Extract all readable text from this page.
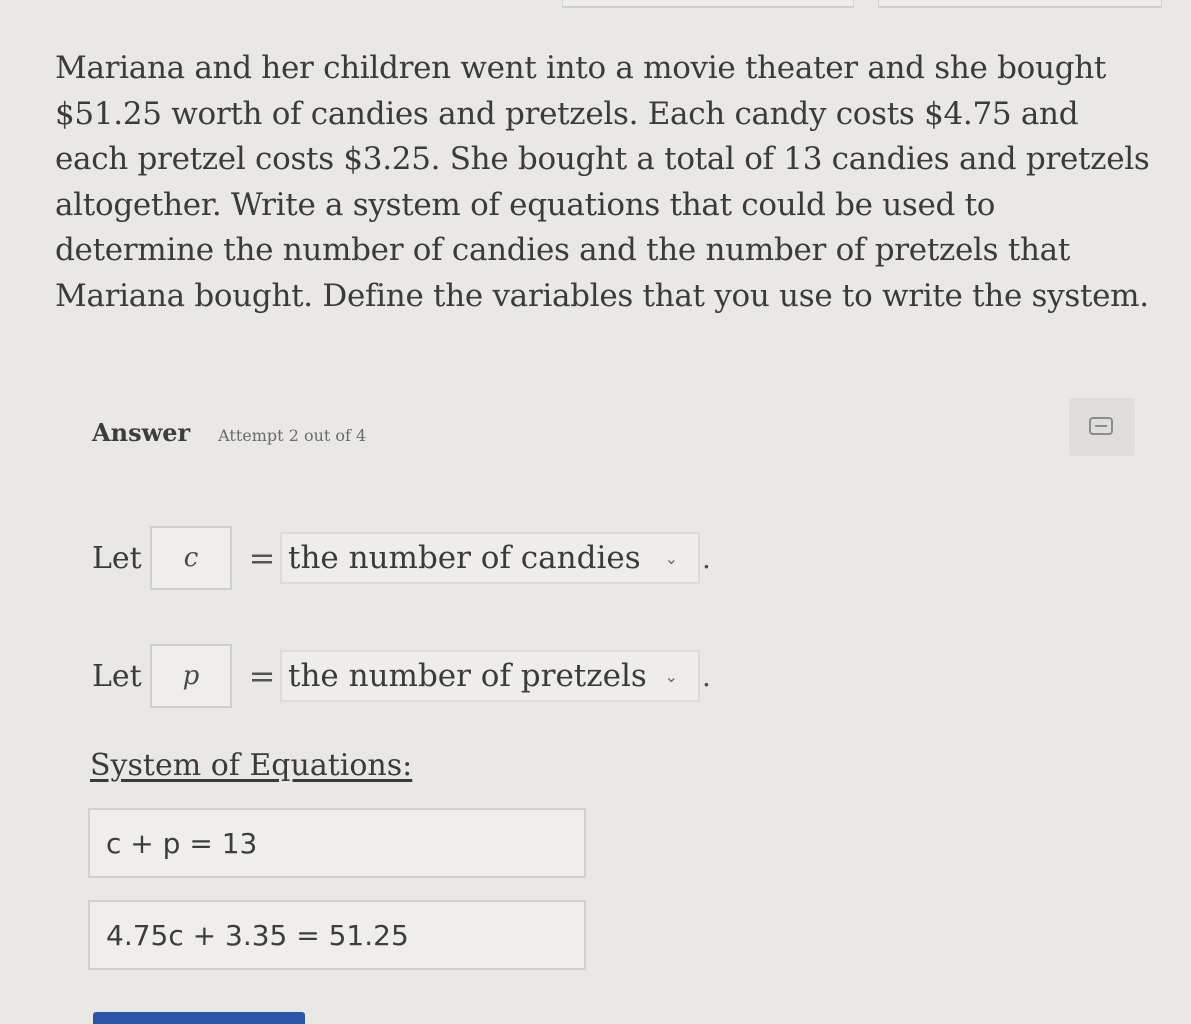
Mariana and her children went into a movie theater and she bought $51.25 worth of candies and pretzels. Each candy costs $4.75 and each pretzel costs $3.25. She bought a total of 13 candies and pretzels altogether. Write a system of equations that could be used to determine the number of candies and the number of pretzels that Mariana bought. Define the variables that you use to write the system.
Answer Attempt 2 out of 4
Let	c	= the number of candies ⌄ .
Let	p	= the number of pretzels ⌄ .
System of Equations:
c + p = 13
4.75c + 3.35 = 51.25
